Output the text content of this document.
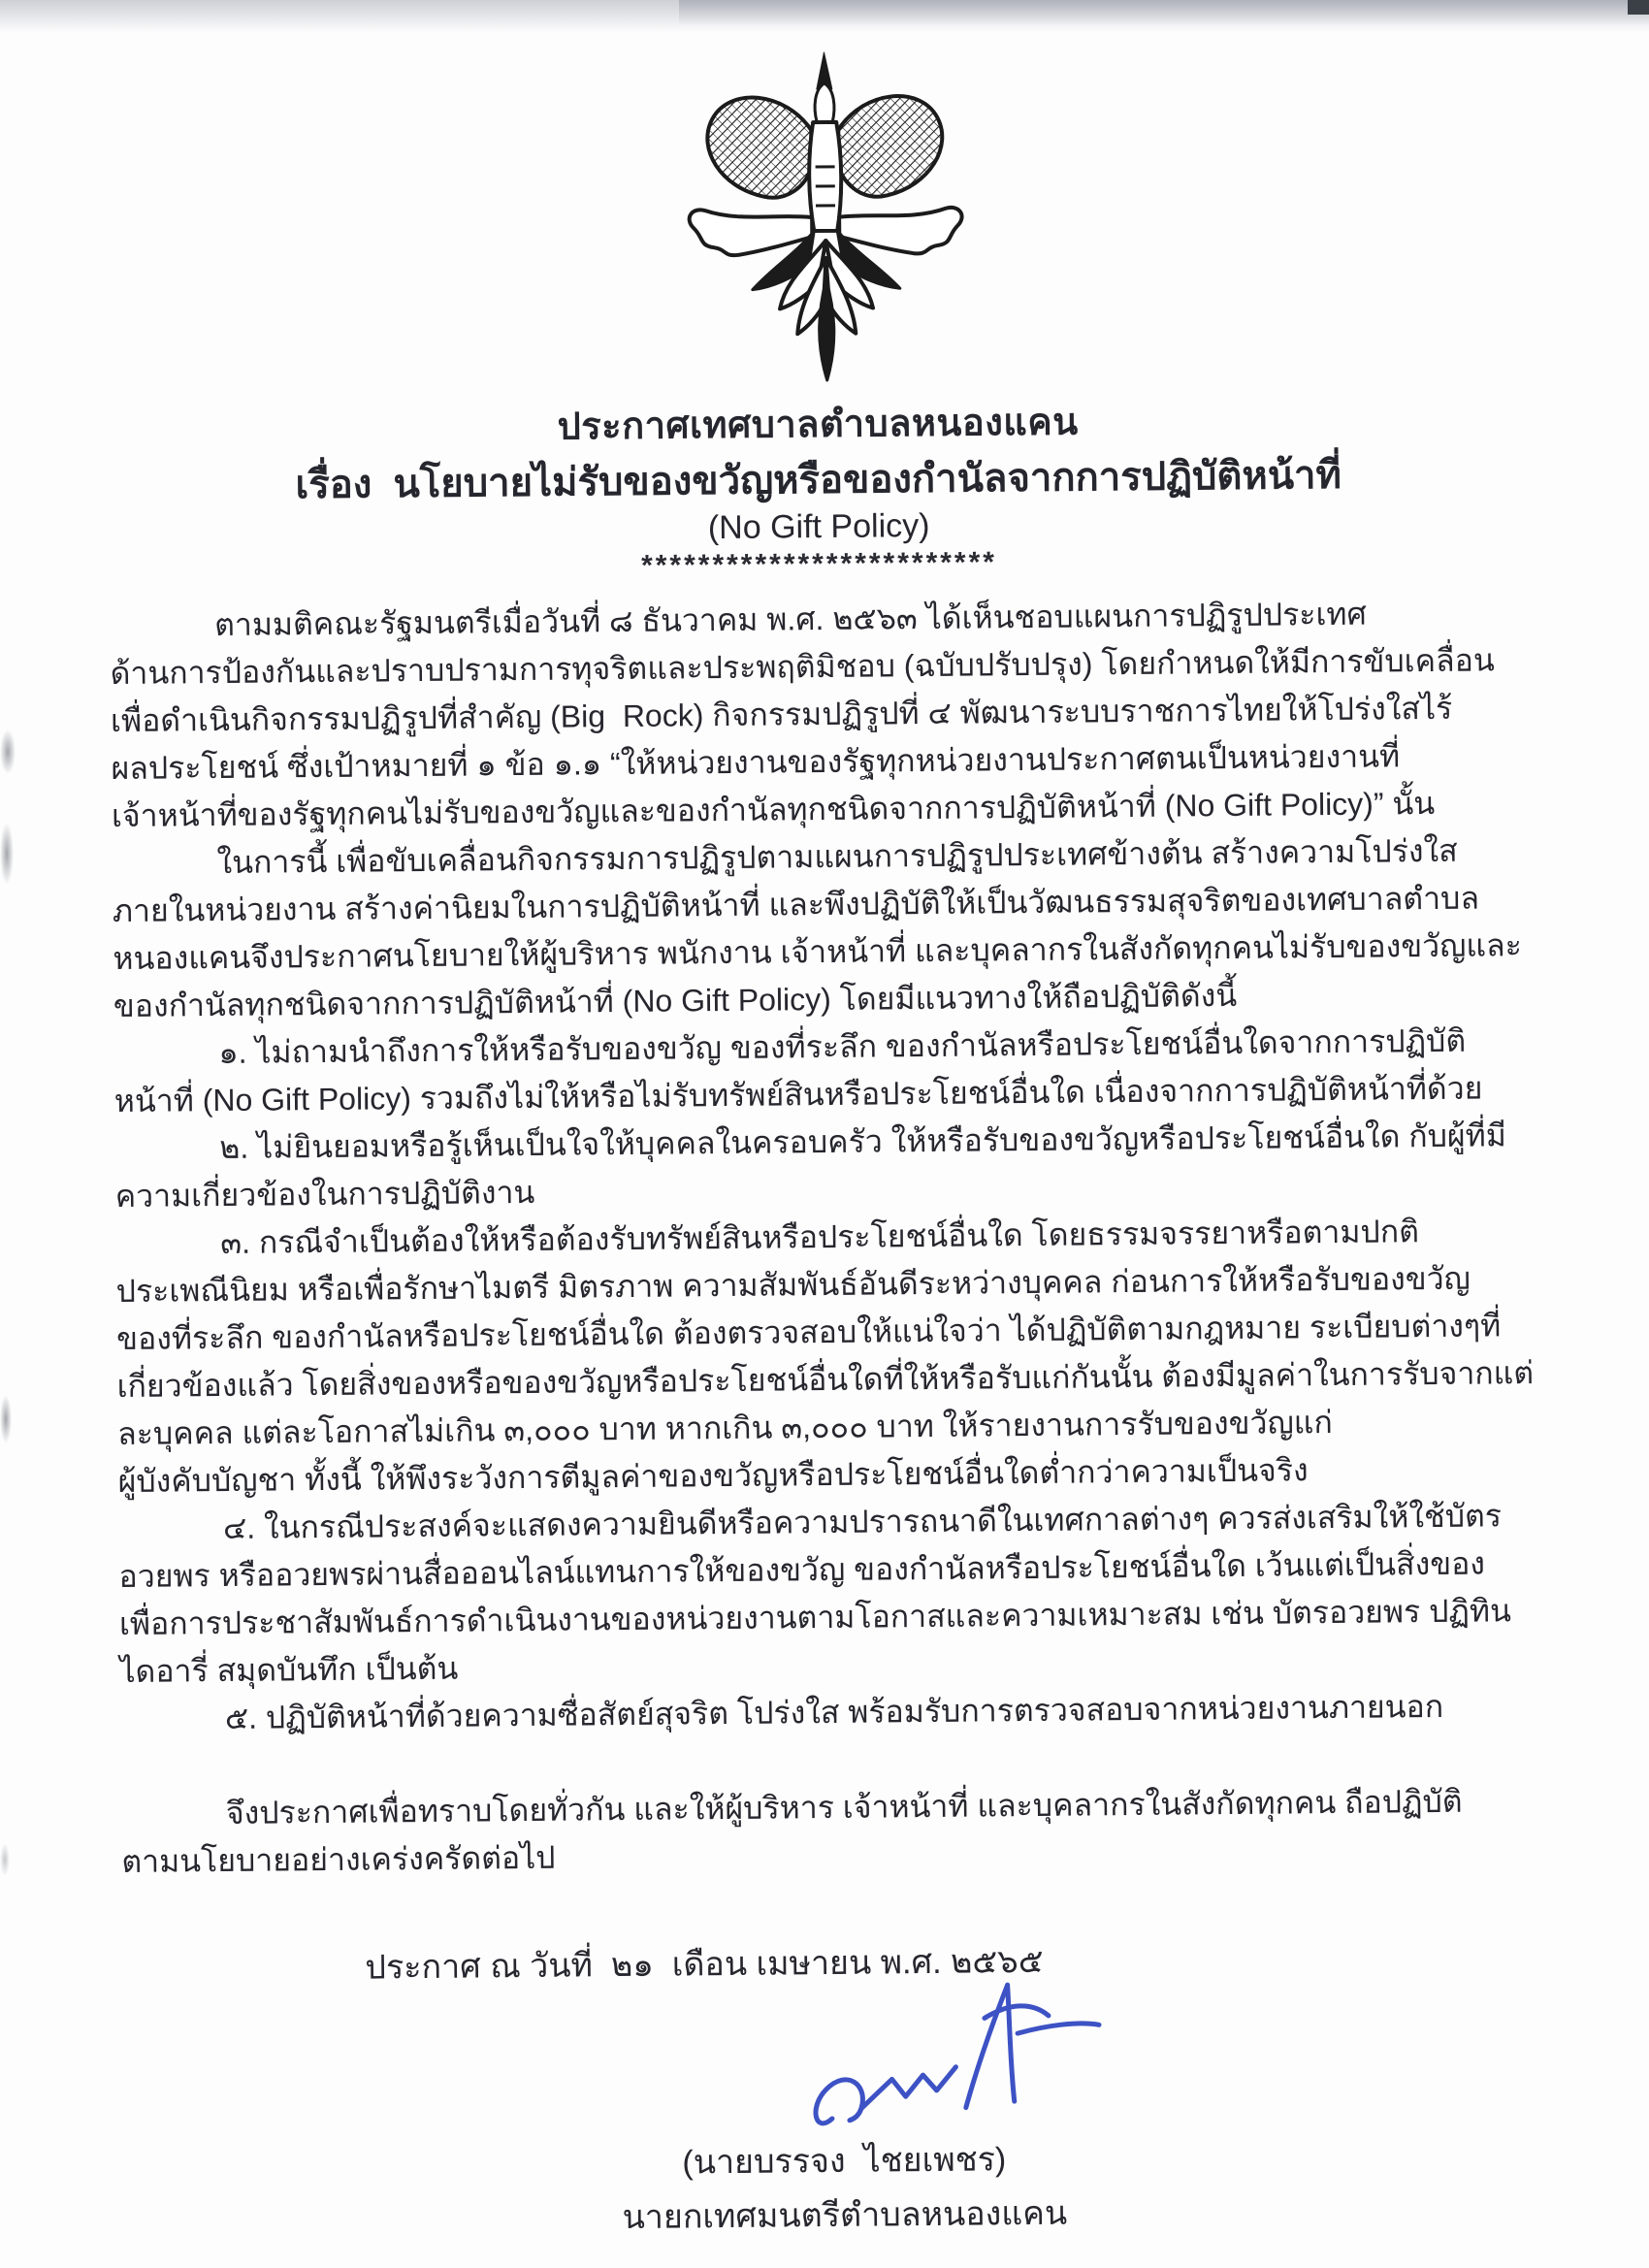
ประกาศเทศบาลตำบลหนองแคน
เรื่อง  นโยบายไม่รับของขวัญหรือของกำนัลจากการปฏิบัติหน้าที่
(No Gift Policy)
*************************
ตามมติคณะรัฐมนตรีเมื่อวันที่ ๘ ธันวาคม พ.ศ. ๒๕๖๓ ได้เห็นชอบแผนการปฏิรูปประเทศ
ด้านการป้องกันและปราบปรามการทุจริตและประพฤติมิชอบ (ฉบับปรับปรุง) โดยกำหนดให้มีการขับเคลื่อน
เพื่อดำเนินกิจกรรมปฏิรูปที่สำคัญ (Big  Rock) กิจกรรมปฏิรูปที่ ๔ พัฒนาระบบราชการไทยให้โปร่งใสไร้
ผลประโยชน์ ซึ่งเป้าหมายที่ ๑ ข้อ ๑.๑ “ให้หน่วยงานของรัฐทุกหน่วยงานประกาศตนเป็นหน่วยงานที่
เจ้าหน้าที่ของรัฐทุกคนไม่รับของขวัญและของกำนัลทุกชนิดจากการปฏิบัติหน้าที่ (No Gift Policy)” นั้น
ในการนี้ เพื่อขับเคลื่อนกิจกรรมการปฏิรูปตามแผนการปฏิรูปประเทศข้างต้น สร้างความโปร่งใส
ภายในหน่วยงาน สร้างค่านิยมในการปฏิบัติหน้าที่ และพึงปฏิบัติให้เป็นวัฒนธรรมสุจริตของเทศบาลตำบล
หนองแคนจึงประกาศนโยบายให้ผู้บริหาร พนักงาน เจ้าหน้าที่ และบุคลากรในสังกัดทุกคนไม่รับของขวัญและ
ของกำนัลทุกชนิดจากการปฏิบัติหน้าที่ (No Gift Policy) โดยมีแนวทางให้ถือปฏิบัติดังนี้
๑. ไม่ถามนำถึงการให้หรือรับของขวัญ ของที่ระลึก ของกำนัลหรือประโยชน์อื่นใดจากการปฏิบัติ
หน้าที่ (No Gift Policy) รวมถึงไม่ให้หรือไม่รับทรัพย์สินหรือประโยชน์อื่นใด เนื่องจากการปฏิบัติหน้าที่ด้วย
๒. ไม่ยินยอมหรือรู้เห็นเป็นใจให้บุคคลในครอบครัว ให้หรือรับของขวัญหรือประโยชน์อื่นใด กับผู้ที่มี
ความเกี่ยวข้องในการปฏิบัติงาน
๓. กรณีจำเป็นต้องให้หรือต้องรับทรัพย์สินหรือประโยชน์อื่นใด โดยธรรมจรรยาหรือตามปกติ
ประเพณีนิยม หรือเพื่อรักษาไมตรี มิตรภาพ ความสัมพันธ์อันดีระหว่างบุคคล ก่อนการให้หรือรับของขวัญ
ของที่ระลึก ของกำนัลหรือประโยชน์อื่นใด ต้องตรวจสอบให้แน่ใจว่า ได้ปฏิบัติตามกฎหมาย ระเบียบต่างๆที่
เกี่ยวข้องแล้ว โดยสิ่งของหรือของขวัญหรือประโยชน์อื่นใดที่ให้หรือรับแก่กันนั้น ต้องมีมูลค่าในการรับจากแต่
ละบุคคล แต่ละโอกาสไม่เกิน ๓,๐๐๐ บาท หากเกิน ๓,๐๐๐ บาท ให้รายงานการรับของขวัญแก่
ผู้บังคับบัญชา ทั้งนี้ ให้พึงระวังการตีมูลค่าของขวัญหรือประโยชน์อื่นใดต่ำกว่าความเป็นจริง
๔. ในกรณีประสงค์จะแสดงความยินดีหรือความปรารถนาดีในเทศกาลต่างๆ ควรส่งเสริมให้ใช้บัตร
อวยพร หรืออวยพรผ่านสื่อออนไลน์แทนการให้ของขวัญ ของกำนัลหรือประโยชน์อื่นใด เว้นแต่เป็นสิ่งของ
เพื่อการประชาสัมพันธ์การดำเนินงานของหน่วยงานตามโอกาสและความเหมาะสม เช่น บัตรอวยพร ปฏิทิน
ไดอารี่ สมุดบันทึก เป็นต้น
๕. ปฏิบัติหน้าที่ด้วยความซื่อสัตย์สุจริต โปร่งใส พร้อมรับการตรวจสอบจากหน่วยงานภายนอก
จึงประกาศเพื่อทราบโดยทั่วกัน และให้ผู้บริหาร เจ้าหน้าที่ และบุคลากรในสังกัดทุกคน ถือปฏิบัติ
ตามนโยบายอย่างเคร่งครัดต่อไป
ประกาศ ณ วันที่  ๒๑  เดือน เมษายน พ.ศ. ๒๕๖๕
(นายบรรจง  ไชยเพชร)
นายกเทศมนตรีตำบลหนองแคน
